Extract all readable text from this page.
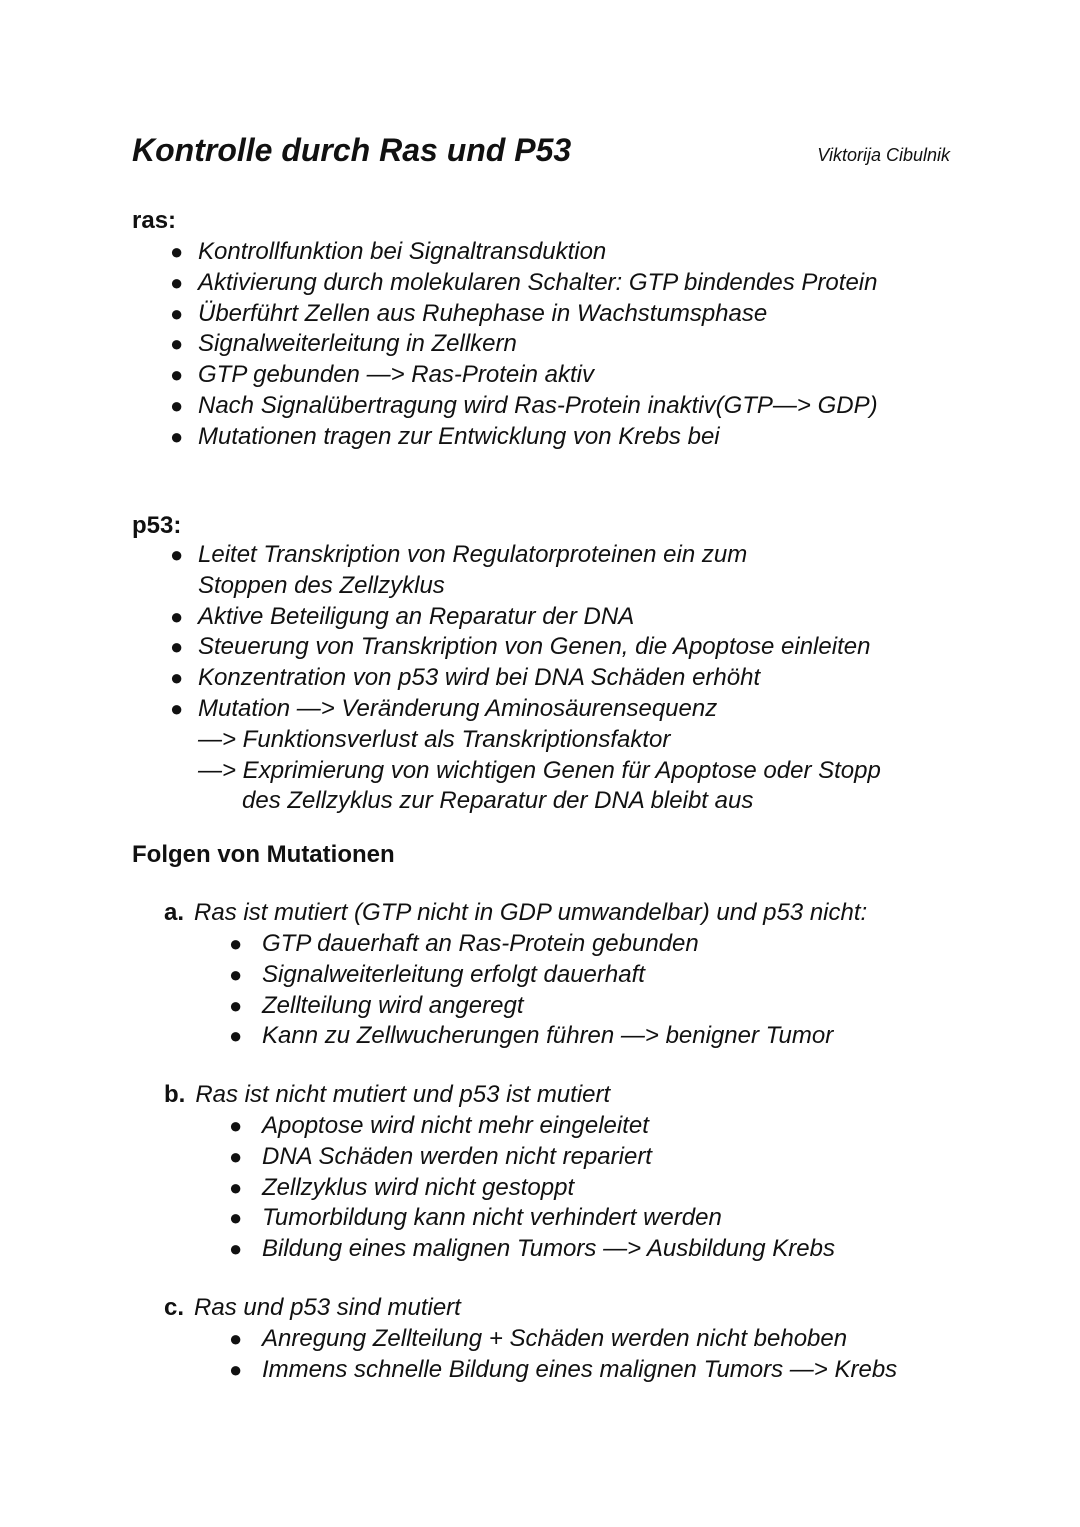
Kontrolle durch Ras und P53	Viktorija Cibulnik
ras:
● Kontrollfunktion bei Signaltransduktion
● Aktivierung durch molekularen Schalter: GTP bindendes Protein
● Überführt Zellen aus Ruhephase in Wachstumsphase
● Signalweiterleitung in Zellkern
● GTP gebunden —> Ras-Protein aktiv
● Nach Signalübertragung wird Ras-Protein inaktiv(GTP—> GDP)
● Mutationen tragen zur Entwicklung von Krebs bei
p53:
● Leitet Transkription von Regulatorproteinen ein zum
Stoppen des Zellzyklus
● Aktive Beteiligung an Reparatur der DNA
● Steuerung von Transkription von Genen, die Apoptose einleiten
● Konzentration von p53 wird bei DNA Schäden erhöht
● Mutation —> Veränderung Aminosäurensequenz
—> Funktionsverlust als Transkriptionsfaktor
—> Exprimierung von wichtigen Genen für Apoptose oder Stopp
des Zellzyklus zur Reparatur der DNA bleibt aus
Folgen von Mutationen
a. Ras ist mutiert (GTP nicht in GDP umwandelbar) und p53 nicht:
● GTP dauerhaft an Ras-Protein gebunden
● Signalweiterleitung erfolgt dauerhaft
● Zellteilung wird angeregt
● Kann zu Zellwucherungen führen —> benigner Tumor
b. Ras ist nicht mutiert und p53 ist mutiert
● Apoptose wird nicht mehr eingeleitet
● DNA Schäden werden nicht repariert
● Zellzyklus wird nicht gestoppt
● Tumorbildung kann nicht verhindert werden
● Bildung eines malignen Tumors —> Ausbildung Krebs
c. Ras und p53 sind mutiert
● Anregung Zellteilung + Schäden werden nicht behoben
● Immens schnelle Bildung eines malignen Tumors —> Krebs
